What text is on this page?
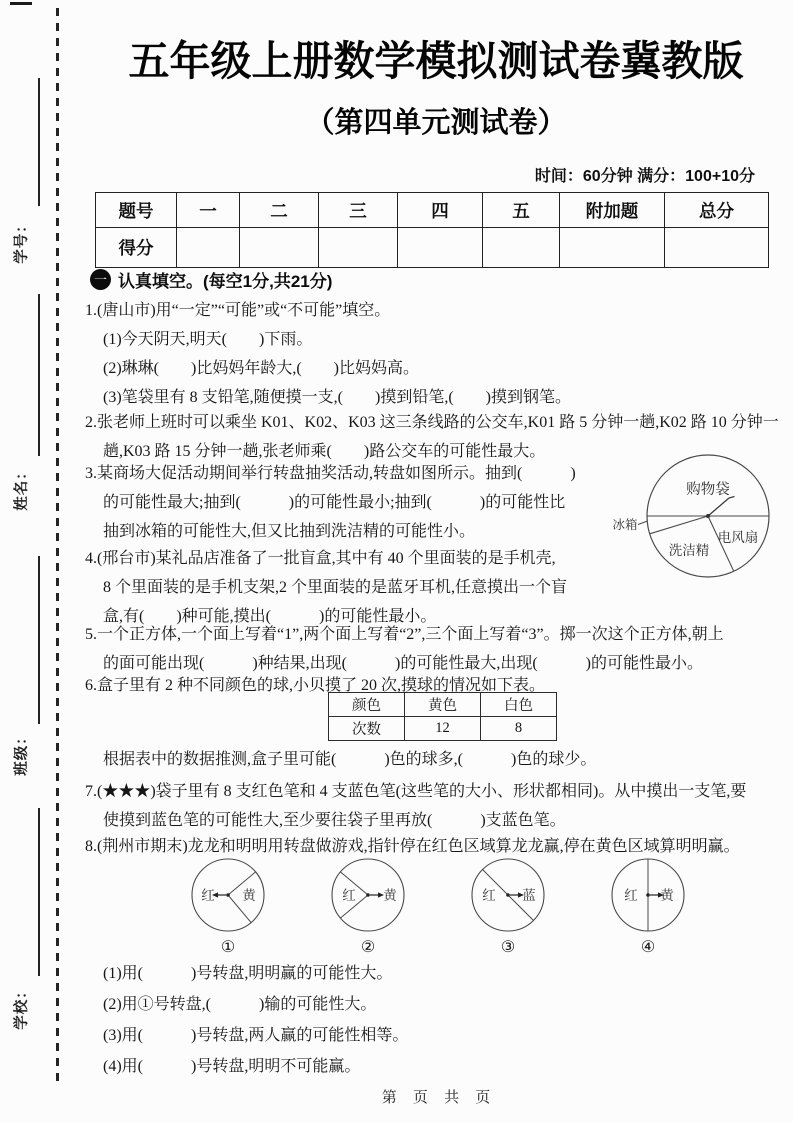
学号：
姓名：
班级：
学校：
五年级上册数学模拟测试卷冀教版
（第四单元测试卷）
时间：60分钟 满分：100+10分
题号	一	二	三	四	五	附加题	总分
得分							
一 认真填空。(每空1分,共21分)
1.(唐山市)用“一定”“可能”或“不可能”填空。
(1)今天阴天,明天(　　)下雨。
(2)琳琳(　　)比妈妈年龄大,(　　)比妈妈高。
(3)笔袋里有 8 支铅笔,随便摸一支,(　　)摸到铅笔,(　　)摸到钢笔。
2.张老师上班时可以乘坐 K01、K02、K03 这三条线路的公交车,K01 路 5 分钟一趟,K02 路 10 分钟一
趟,K03 路 15 分钟一趟,张老师乘(　　)路公交车的可能性最大。
3.某商场大促活动期间举行转盘抽奖活动,转盘如图所示。抽到(　　　)
的可能性最大;抽到(　　　)的可能性最小;抽到(　　　)的可能性比
抽到冰箱的可能性大,但又比抽到洗洁精的可能性小。
购物袋
冰箱
洗洁精
电风扇
4.(邢台市)某礼品店准备了一批盲盒,其中有 40 个里面装的是手机壳,
8 个里面装的是手机支架,2 个里面装的是蓝牙耳机,任意摸出一个盲
盒,有(　　)种可能,摸出(　　　)的可能性最小。
5.一个正方体,一个面上写着“1”,两个面上写着“2”,三个面上写着“3”。掷一次这个正方体,朝上
的面可能出现(　　　)种结果,出现(　　　)的可能性最大,出现(　　　)的可能性最小。
6.盒子里有 2 种不同颜色的球,小贝摸了 20 次,摸球的情况如下表。
颜色	黄色	白色
次数	12	8
根据表中的数据推测,盒子里可能(　　　)色的球多,(　　　)色的球少。
7.(★★★)袋子里有 8 支红色笔和 4 支蓝色笔(这些笔的大小、形状都相同)。从中摸出一支笔,要
使摸到蓝色笔的可能性大,至少要往袋子里再放(　　　)支蓝色笔。
8.(荆州市期末)龙龙和明明用转盘做游戏,指针停在红色区域算龙龙赢,停在黄色区域算明明赢。
红 黄
①
红 黄
②
红 蓝
③
红 黄
④
(1)用(　　　)号转盘,明明赢的可能性大。
(2)用①号转盘,(　　　)输的可能性大。
(3)用(　　　)号转盘,两人赢的可能性相等。
(4)用(　　　)号转盘,明明不可能赢。
第 页 共 页
